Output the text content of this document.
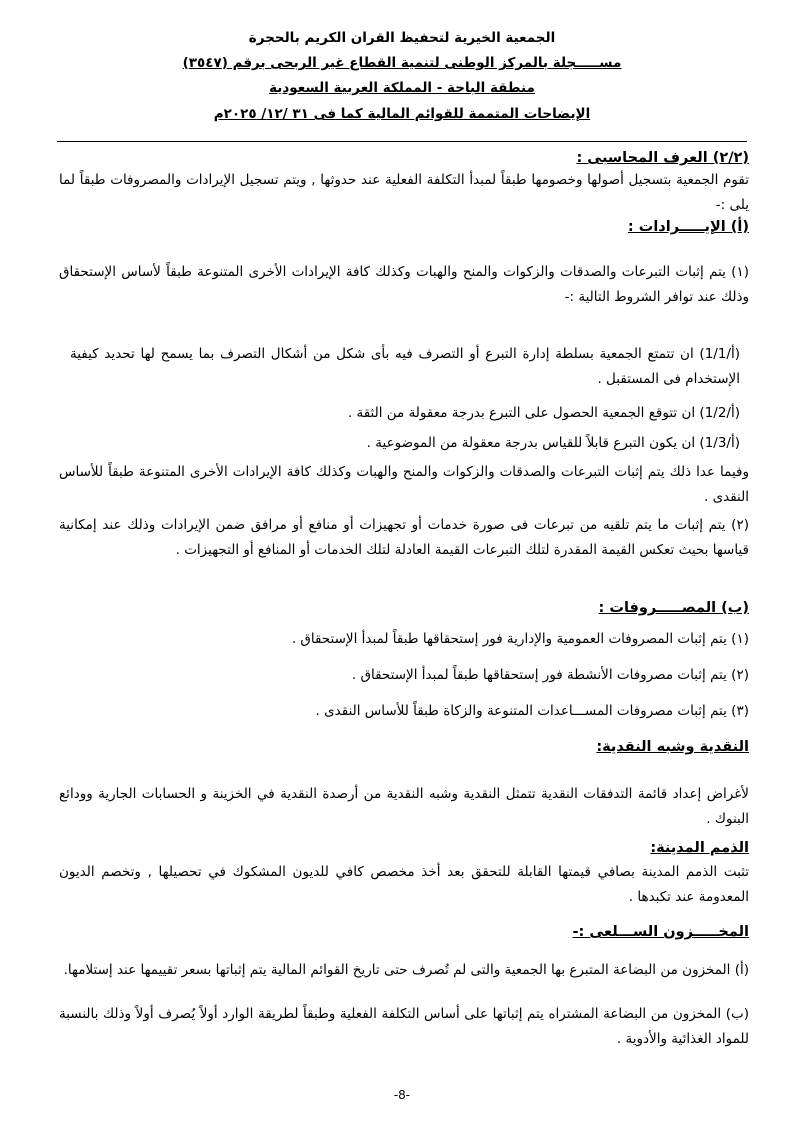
الجمعية الخيرية لتحفيظ القران الكريم بالحجرة
مســـــجلة بالمركز الوطنى لتنمية القطاع غير الربحى برقم (٣٥٤٧)
منطقة الباحة - المملكة العربية السعودية
الإيضاحات المتممة للقوائم المالية كما فى ٣١ /١٢/ ٢٠٢٥م
(٢/٢) العرف المحاسبى :
تقوم الجمعية بتسجيل أصولها وخصومها طبقاً لمبدأ التكلفة الفعلية عند حدوثها , ويتم تسجيل الإيرادات والمصروفات طبقاً لما يلى :-
(أ) الإيـــــرادات :
(١) يتم إثبات التبرعات والصدقات والزكوات والمنح والهبات وكذلك كافة الإيرادات الأخرى المتنوعة طبقاً لأساس الإستحقاق وذلك عند توافر الشروط التالية :-
(أ/1/1) ان تتمتع الجمعية بسلطة إدارة التبرع أو التصرف فيه بأى شكل من أشكال التصرف بما يسمح لها تحديد كيفية الإستخدام فى المستقبل .
(أ/1/2) ان تتوقع الجمعية الحصول على التبرع بدرجة معقولة من الثقة .
(أ/1/3) ان يكون التبرع قابلاً للقياس بدرجة معقولة من الموضوعية .
وفيما عدا ذلك يتم إثبات التبرعات والصدقات والزكوات والمنح والهبات وكذلك كافة الإيرادات الأخرى المتنوعة طبقاً للأساس النقدى .
(٢) يتم إثبات ما يتم تلقيه من تبرعات فى صورة خدمات أو تجهيزات أو منافع أو مرافق ضمن الإيرادات وذلك عند إمكانية قياسها بحيث تعكس القيمة المقدرة لتلك التبرعات القيمة العادلة لتلك الخدمات أو المنافع أو التجهيزات .
(ب) المصـــــروفات :
(١) يتم إثبات المصروفات العمومية والإدارية فور إستحقاقها طبقاً لمبدأ الإستحقاق .
(٢) يتم إثبات مصروفات الأنشطة فور إستحقاقها طبقاً لمبدأ الإستحقاق .
(٣) يتم إثبات مصروفات المســـاعدات المتنوعة والزكاة طبقاً للأساس النقدى .
النقدية وشبه النقدية:
لأغراض إعداد قائمة التدفقات النقدية تتمثل النقدية وشبه النقدية من أرصدة النقدية في الخزينة و الحسابات الجارية وودائع البنوك .
الذمم المدينة:
تثبت الذمم المدينة بصافي قيمتها القابلة للتحقق بعد أخذ مخصص كافي للديون المشكوك في تحصيلها , وتخصم الديون المعدومة عند تكبدها .
المخـــــزون الســـلعى :-
(أ) المخزون من البضاعة المتبرع بها الجمعية والتى لم تُصرف حتى تاريخ القوائم المالية يتم إثباتها بسعر تقييمها عند إستلامها.
(ب) المخزون من البضاعة المشتراه يتم إثباتها على أساس التكلفة الفعلية وطبقاً لطريقة الوارد أولاً يُصرف أولاً وذلك بالنسبة للمواد الغذائية والأدوية .
-8-
